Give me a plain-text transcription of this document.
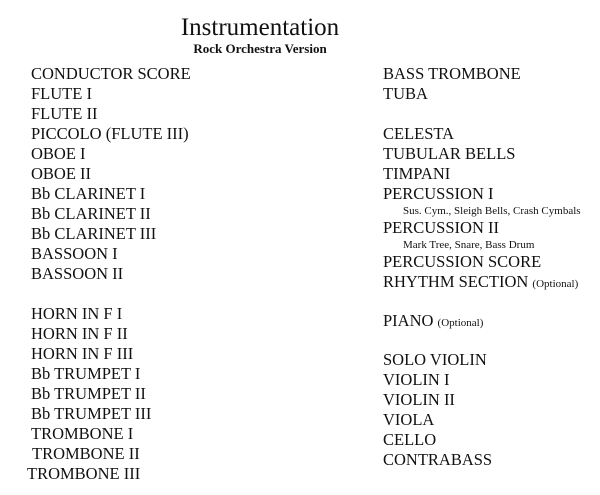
Instrumentation
Rock Orchestra Version
CONDUCTOR SCORE
FLUTE I
FLUTE II
PICCOLO (FLUTE III)
OBOE I
OBOE II
Bb CLARINET I
Bb CLARINET II
Bb CLARINET III
BASSOON I
BASSOON II
HORN IN F I
HORN IN F II
HORN IN F III
Bb TRUMPET I
Bb TRUMPET II
Bb TRUMPET III
TROMBONE I
TROMBONE II
TROMBONE III
BASS TROMBONE
TUBA
CELESTA
TUBULAR BELLS
TIMPANI
PERCUSSION I
Sus. Cym., Sleigh Bells, Crash Cymbals
PERCUSSION II
Mark Tree, Snare, Bass Drum
PERCUSSION SCORE
RHYTHM SECTION (Optional)
PIANO (Optional)
SOLO VIOLIN
VIOLIN I
VIOLIN II
VIOLA
CELLO
CONTRABASS
